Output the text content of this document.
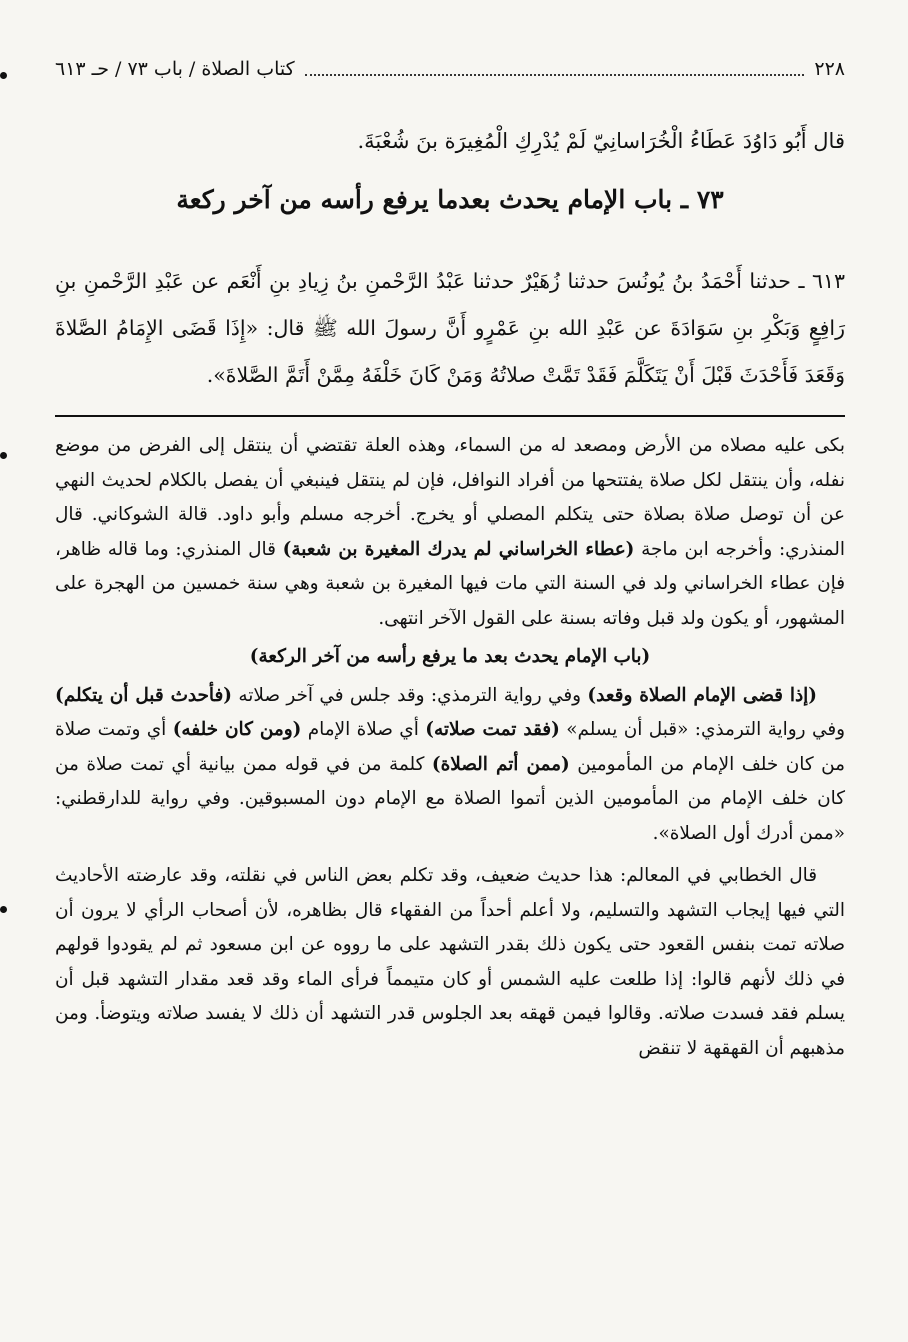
٢٢٨
كتاب الصلاة / باب ٧٣ / حـ ٦١٣
قال أَبُو دَاوُدَ عَطَاءُ الْخُرَاسانِيّ لَمْ يُدْرِكِ الْمُغِيرَة بنَ شُعْبَةَ.
٧٣ ـ باب الإمام يحدث بعدما يرفع رأسه من آخر ركعة
٦١٣ ـ حدثنا أَحْمَدُ بنُ يُونُسَ حدثنا زُهَيْرٌ حدثنا عَبْدُ الرَّحْمنِ بنُ زِيادِ بنِ أَنْعَم عن عَبْدِ الرَّحْمنِ بنِ رَافِعٍ وَبَكْرِ بنِ سَوَادَةَ عن عَبْدِ الله بنِ عَمْرٍو أَنَّ رسولَ الله ﷺ قال: «إِذَا قَضَى الإِمَامُ الصَّلاةَ وَقَعَدَ فَأَحْدَثَ قَبْلَ أَنْ يَتَكَلَّمَ فَقَدْ تَمَّتْ صلاتُهُ وَمَنْ كَانَ خَلْفَهُ مِمَّنْ أَتَمَّ الصَّلاةَ».

بكى عليه مصلاه من الأرض ومصعد له من السماء، وهذه العلة تقتضي أن ينتقل إلى الفرض من موضع نفله، وأن ينتقل لكل صلاة يفتتحها من أفراد النوافل، فإن لم ينتقل فينبغي أن يفصل بالكلام لحديث النهي عن أن توصل صلاة بصلاة حتى يتكلم المصلي أو يخرج. أخرجه مسلم وأبو داود. قالة الشوكاني. قال المنذري: وأخرجه ابن ماجة (عطاء الخراساني لم يدرك المغيرة بن شعبة) قال المنذري: وما قاله ظاهر، فإن عطاء الخراساني ولد في السنة التي مات فيها المغيرة بن شعبة وهي سنة خمسين من الهجرة على المشهور، أو يكون ولد قبل وفاته بسنة على القول الآخر انتهى.

(باب الإمام يحدث بعد ما يرفع رأسه من آخر الركعة)

(إذا قضى الإمام الصلاة وقعد) وفي رواية الترمذي: وقد جلس في آخر صلاته (فأحدث قبل أن يتكلم) وفي رواية الترمذي: «قبل أن يسلم» (فقد تمت صلاته) أي صلاة الإمام (ومن كان خلفه) أي وتمت صلاة من كان خلف الإمام من المأمومين (ممن أتم الصلاة) كلمة من في قوله ممن بيانية أي تمت صلاة من كان خلف الإمام من المأمومين الذين أتموا الصلاة مع الإمام دون المسبوقين. وفي رواية للدارقطني: «ممن أدرك أول الصلاة».

قال الخطابي في المعالم: هذا حديث ضعيف، وقد تكلم بعض الناس في نقلته، وقد عارضته الأحاديث التي فيها إيجاب التشهد والتسليم، ولا أعلم أحداً من الفقهاء قال بظاهره، لأن أصحاب الرأي لا يرون أن صلاته تمت بنفس القعود حتى يكون ذلك بقدر التشهد على ما رووه عن ابن مسعود ثم لم يقودوا قولهم في ذلك لأنهم قالوا: إذا طلعت عليه الشمس أو كان متيمماً فرأى الماء وقد قعد مقدار التشهد قبل أن يسلم فقد فسدت صلاته. وقالوا فيمن قهقه بعد الجلوس قدر التشهد أن ذلك لا يفسد صلاته ويتوضأ. ومن مذهبهم أن القهقهة لا تنقض
